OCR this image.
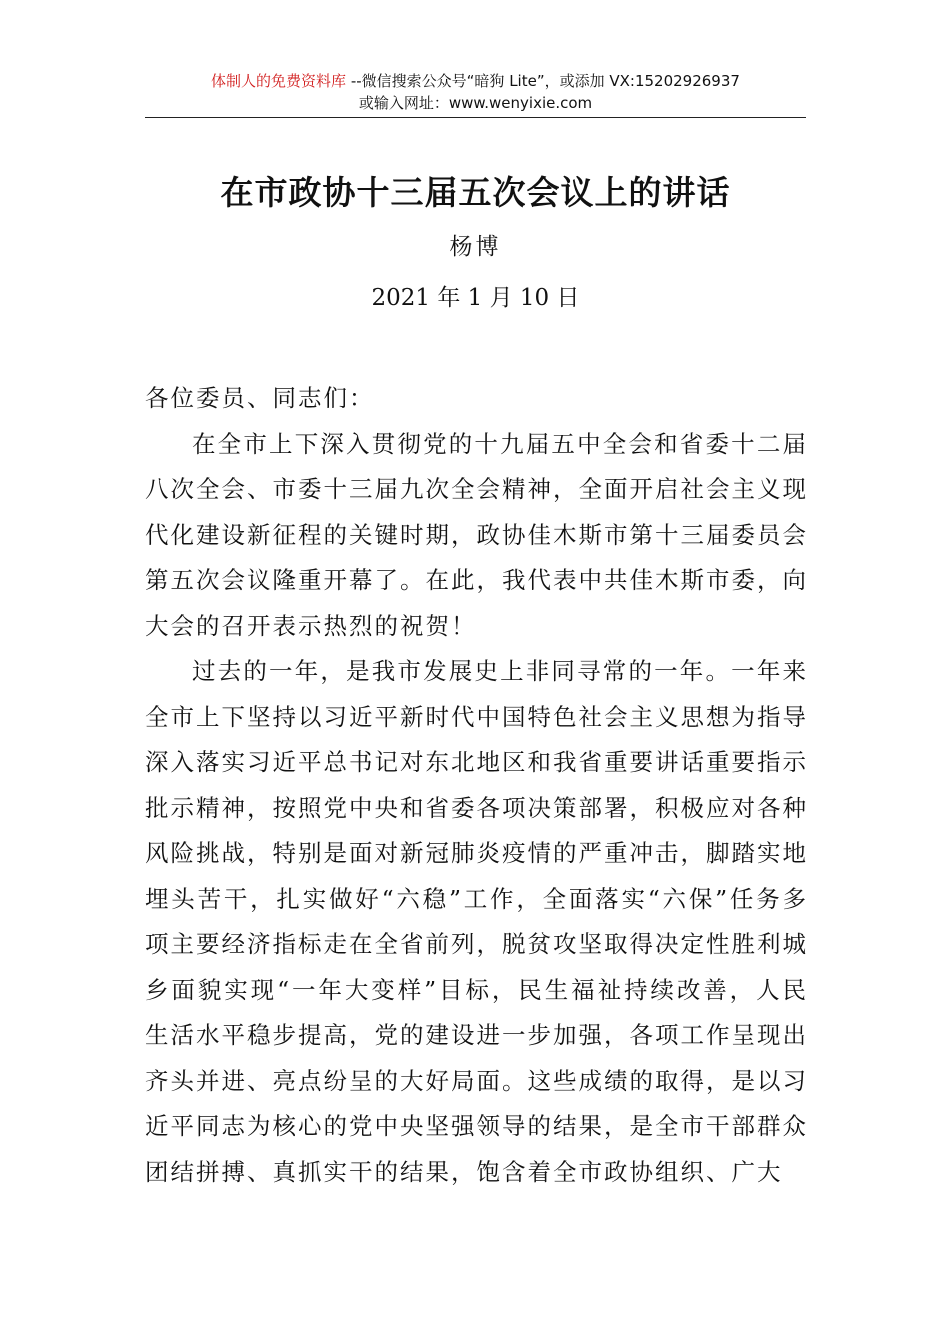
体制人的免费资料库 --微信搜索公众号“暗狗 Lite”，或添加 VX:15202926937
或输入网址：www.wenyixie.com
在市政协十三届五次会议上的讲话
杨博
2021 年 1 月 10 日

各位委员、同志们：

在全市上下深入贯彻党的十九届五中全会和省委十二届八次全会、市委十三届九次全会精神，全面开启社会主义现代化建设新征程的关键时期，政协佳木斯市第十三届委员会第五次会议隆重开幕了。在此，我代表中共佳木斯市委，向大会的召开表示热烈的祝贺！

过去的一年，是我市发展史上非同寻常的一年。一年来全市上下坚持以习近平新时代中国特色社会主义思想为指导深入落实习近平总书记对东北地区和我省重要讲话重要指示批示精神，按照党中央和省委各项决策部署，积极应对各种风险挑战，特别是面对新冠肺炎疫情的严重冲击，脚踏实地埋头苦干，扎实做好“六稳”工作，全面落实“六保”任务多项主要经济指标走在全省前列，脱贫攻坚取得决定性胜利城乡面貌实现“一年大变样”目标，民生福祉持续改善，人民生活水平稳步提高，党的建设进一步加强，各项工作呈现出齐头并进、亮点纷呈的大好局面。这些成绩的取得，是以习近平同志为核心的党中央坚强领导的结果，是全市干部群众团结拼搏、真抓实干的结果，饱含着全市政协组织、广大
